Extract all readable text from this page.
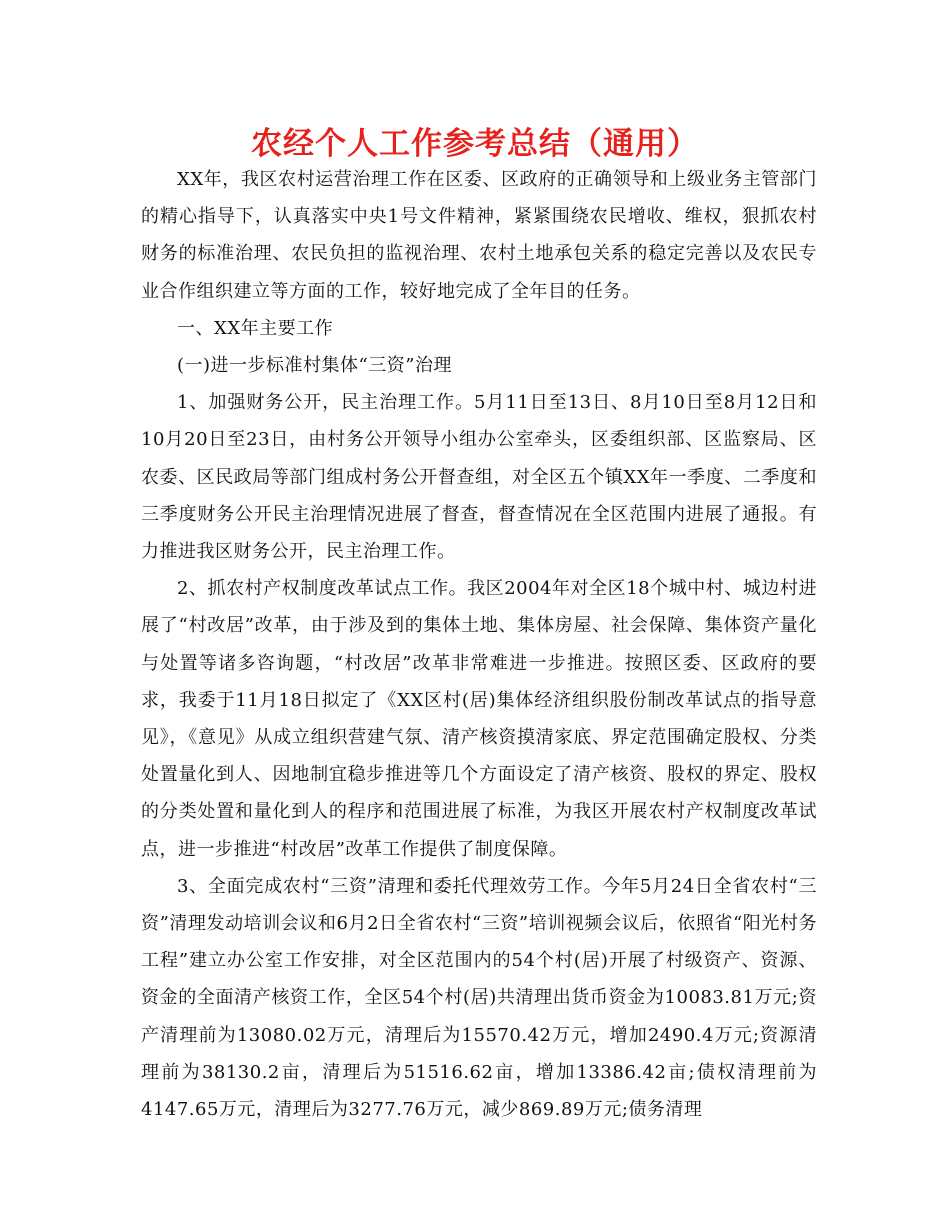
农经个人工作参考总结（通用）

XX年，我区农村运营治理工作在区委、区政府的正确领导和上级业务主管部门的精心指导下，认真落实中央1号文件精神，紧紧围绕农民增收、维权，狠抓农村财务的标准治理、农民负担的监视治理、农村土地承包关系的稳定完善以及农民专业合作组织建立等方面的工作，较好地完成了全年目的任务。

一、XX年主要工作

(一)进一步标准村集体“三资”治理

1、加强财务公开，民主治理工作。5月11日至13日、8月10日至8月12日和10月20日至23日，由村务公开领导小组办公室牵头，区委组织部、区监察局、区农委、区民政局等部门组成村务公开督查组，对全区五个镇XX年一季度、二季度和三季度财务公开民主治理情况进展了督查，督查情况在全区范围内进展了通报。有力推进我区财务公开，民主治理工作。

2、抓农村产权制度改革试点工作。我区2004年对全区18个城中村、城边村进展了“村改居”改革，由于涉及到的集体土地、集体房屋、社会保障、集体资产量化与处置等诸多咨询题，“村改居”改革非常难进一步推进。按照区委、区政府的要求，我委于11月18日拟定了《XX区村(居)集体经济组织股份制改革试点的指导意见》，《意见》从成立组织营建气氛、清产核资摸清家底、界定范围确定股权、分类处置量化到人、因地制宜稳步推进等几个方面设定了清产核资、股权的界定、股权的分类处置和量化到人的程序和范围进展了标准，为我区开展农村产权制度改革试点，进一步推进“村改居”改革工作提供了制度保障。

3、全面完成农村“三资”清理和委托代理效劳工作。今年5月24日全省农村“三资”清理发动培训会议和6月2日全省农村“三资”培训视频会议后，依照省“阳光村务工程”建立办公室工作安排，对全区范围内的54个村(居)开展了村级资产、资源、资金的全面清产核资工作，全区54个村(居)共清理出货币资金为10083.81万元;资产清理前为13080.02万元，清理后为15570.42万元，增加2490.4万元;资源清理前为38130.2亩，清理后为51516.62亩，增加13386.42亩;债权清理前为4147.65万元，清理后为3277.76万元，减少869.89万元;债务清理
